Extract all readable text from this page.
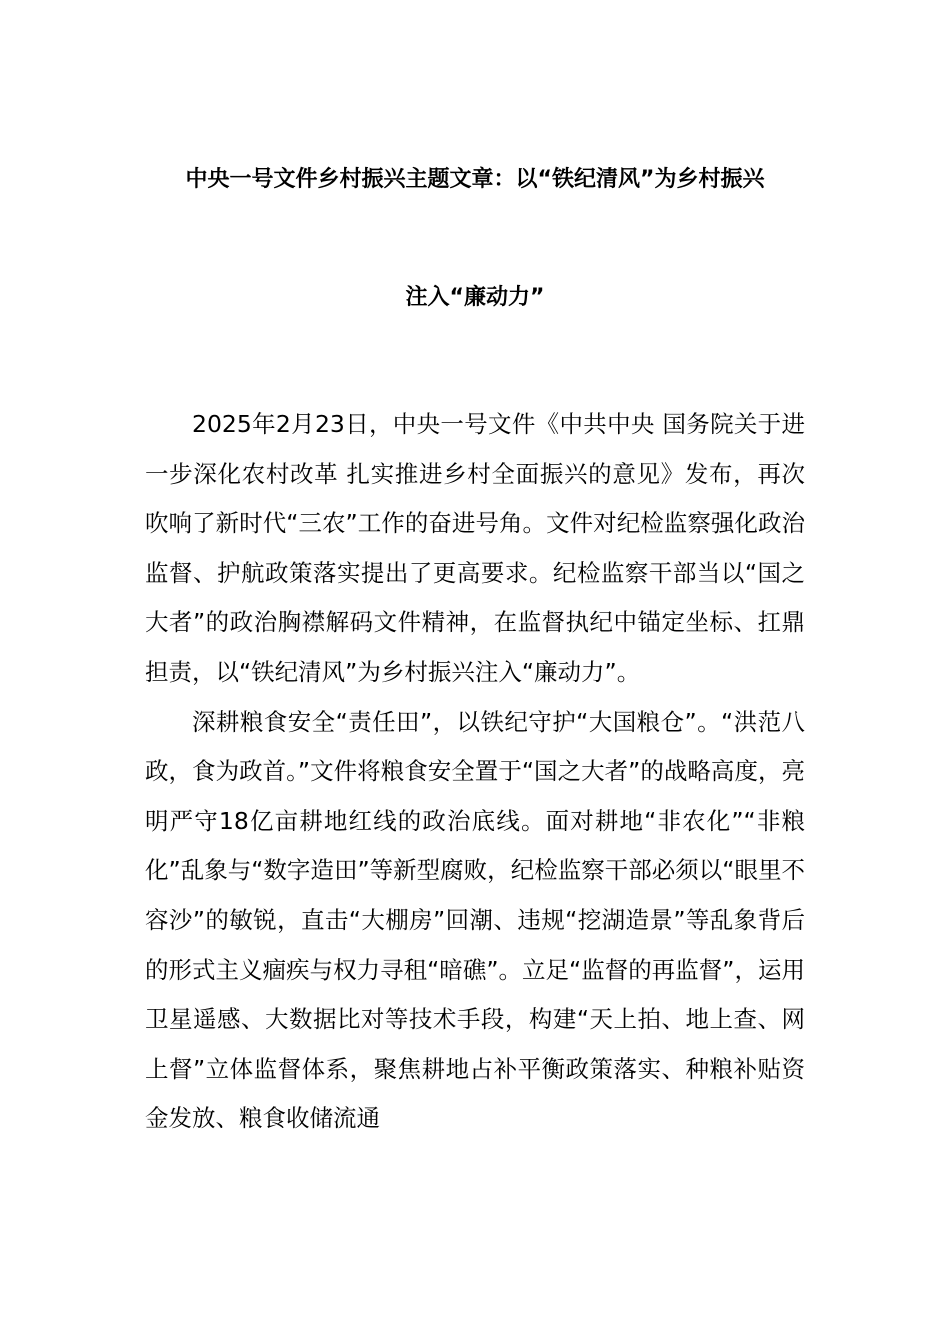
中央一号文件乡村振兴主题文章：以“铁纪清风”为乡村振兴
注入“廉动力”

2025年2月23日，中央一号文件《中共中央 国务院关于进一步深化农村改革 扎实推进乡村全面振兴的意见》发布，再次吹响了新时代“三农”工作的奋进号角。文件对纪检监察强化政治监督、护航政策落实提出了更高要求。纪检监察干部当以“国之大者”的政治胸襟解码文件精神，在监督执纪中锚定坐标、扛鼎担责，以“铁纪清风”为乡村振兴注入“廉动力”。

深耕粮食安全“责任田”，以铁纪守护“大国粮仓”。“洪范八政，食为政首。”文件将粮食安全置于“国之大者”的战略高度，亮明严守18亿亩耕地红线的政治底线。面对耕地“非农化”“非粮化”乱象与“数字造田”等新型腐败，纪检监察干部必须以“眼里不容沙”的敏锐，直击“大棚房”回潮、违规“挖湖造景”等乱象背后的形式主义痼疾与权力寻租“暗礁”。立足“监督的再监督”，运用卫星遥感、大数据比对等技术手段，构建“天上拍、地上查、网上督”立体监督体系，聚焦耕地占补平衡政策落实、种粮补贴资金发放、粮食收储流通
